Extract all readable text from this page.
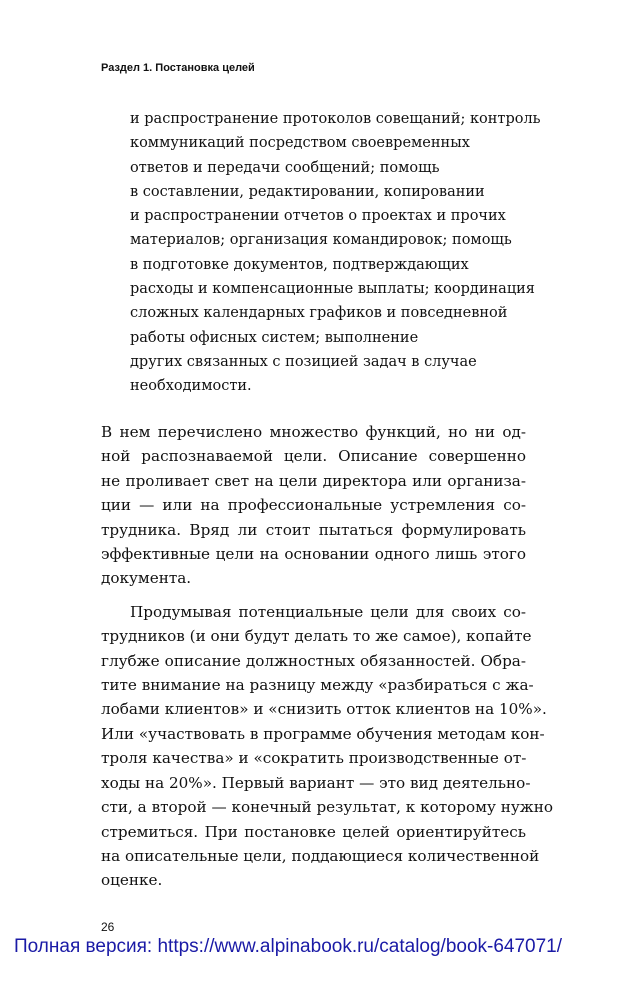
Раздел 1. Постановка целей
и распространение протоколов совещаний; контроль
коммуникаций посредством своевременных
ответов и передачи сообщений; помощь
в составлении, редактировании, копировании
и распространении отчетов о проектах и прочих
материалов; организация командировок; помощь
в подготовке документов, подтверждающих
расходы и компенсационные выплаты; координация
сложных календарных графиков и повседневной
работы офисных систем; выполнение
других связанных с позицией задач в случае
необходимости.
В нем перечислено множество функций, но ни од-
ной распознаваемой цели. Описание совершенно
не проливает свет на цели директора или организа-
ции — или на профессиональные устремления со-
трудника. Вряд ли стоит пытаться формулировать
эффективные цели на основании одного лишь этого
документа.
Продумывая потенциальные цели для своих со-
трудников (и они будут делать то же самое), копайте
глубже описание должностных обязанностей. Обра-
тите внимание на разницу между «разбираться с жа-
лобами клиентов» и «снизить отток клиентов на 10%».
Или «участвовать в программе обучения методам кон-
троля качества» и «сократить производственные от-
ходы на 20%». Первый вариант — это вид деятельно-
сти, а второй — конечный результат, к которому нужно
стремиться. При постановке целей ориентируйтесь
на описательные цели, поддающиеся количественной
оценке.
26
Полная версия: https://www.alpinabook.ru/catalog/book-647071/
